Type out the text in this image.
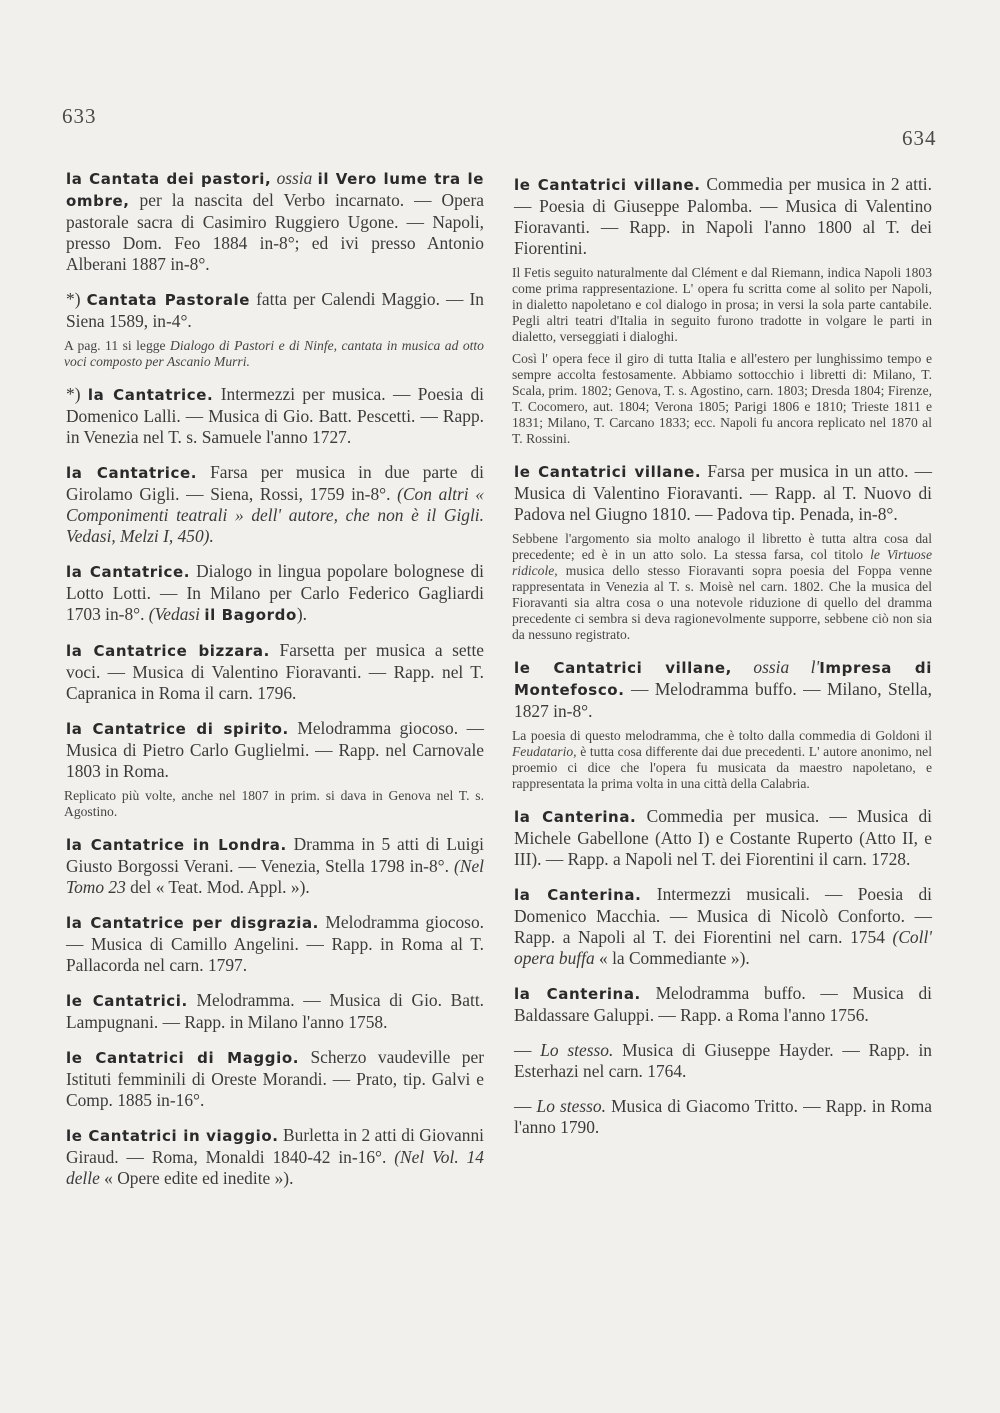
633
634
la Cantata dei pastori, ossia il Vero lume tra le ombre, per la nascita del Verbo incarnato. — Opera pastorale sacra di Casimiro Ruggiero Ugone. — Napoli, presso Dom. Feo 1884 in-8°; ed ivi presso Antonio Alberani 1887 in-8°.
*) Cantata Pastorale fatta per Calendi Maggio. — In Siena 1589, in-4°.
A pag. 11 si legge Dialogo di Pastori e di Ninfe, cantata in musica ad otto voci composto per Ascanio Murri.
*) la Cantatrice. Intermezzi per musica. — Poesia di Domenico Lalli. — Musica di Gio. Batt. Pescetti. — Rapp. in Venezia nel T. s. Samuele l'anno 1727.
la Cantatrice. Farsa per musica in due parte di Girolamo Gigli. — Siena, Rossi, 1759 in-8°. (Con altri « Componimenti teatrali » dell' autore, che non è il Gigli. Vedasi, Melzi I, 450).
la Cantatrice. Dialogo in lingua popolare bolognese di Lotto Lotti. — In Milano per Carlo Federico Gagliardi 1703 in-8°. (Vedasi il Bagordo).
la Cantatrice bizzara. Farsetta per musica a sette voci. — Musica di Valentino Fioravanti. — Rapp. nel T. Capranica in Roma il carn. 1796.
la Cantatrice di spirito. Melodramma giocoso. — Musica di Pietro Carlo Guglielmi. — Rapp. nel Carnovale 1803 in Roma.
Replicato più volte, anche nel 1807 in prim. si dava in Genova nel T. s. Agostino.
la Cantatrice in Londra. Dramma in 5 atti di Luigi Giusto Borgossi Verani. — Venezia, Stella 1798 in-8°. (Nel Tomo 23 del « Teat. Mod. Appl. »).
la Cantatrice per disgrazia. Melodramma giocoso. — Musica di Camillo Angelini. — Rapp. in Roma al T. Pallacorda nel carn. 1797.
le Cantatrici. Melodramma. — Musica di Gio. Batt. Lampugnani. — Rapp. in Milano l'anno 1758.
le Cantatrici di Maggio. Scherzo vaudeville per Istituti femminili di Oreste Morandi. — Prato, tip. Galvi e Comp. 1885 in-16°.
le Cantatrici in viaggio. Burletta in 2 atti di Giovanni Giraud. — Roma, Monaldi 1840-42 in-16°. (Nel Vol. 14 delle « Opere edite ed inedite »).
le Cantatrici villane. Commedia per musica in 2 atti. — Poesia di Giuseppe Palomba. — Musica di Valentino Fioravanti. — Rapp. in Napoli l'anno 1800 al T. dei Fiorentini.
Il Fetis seguito naturalmente dal Clément e dal Riemann, indica Napoli 1803 come prima rappresentazione. L' opera fu scritta come al solito per Napoli, in dialetto napoletano e col dialogo in prosa; in versi la sola parte cantabile. Pegli altri teatri d'Italia in seguito furono tradotte in volgare le parti in dialetto, verseggiati i dialoghi.
Così l' opera fece il giro di tutta Italia e all'estero per lunghissimo tempo e sempre accolta festosamente. Abbiamo sottocchio i libretti di: Milano, T. Scala, prim. 1802; Genova, T. s. Agostino, carn. 1803; Dresda 1804; Firenze, T. Cocomero, aut. 1804; Verona 1805; Parigi 1806 e 1810; Trieste 1811 e 1831; Milano, T. Carcano 1833; ecc. Napoli fu ancora replicato nel 1870 al T. Rossini.
le Cantatrici villane. Farsa per musica in un atto. — Musica di Valentino Fioravanti. — Rapp. al T. Nuovo di Padova nel Giugno 1810. — Padova tip. Penada, in-8°.
Sebbene l'argomento sia molto analogo il libretto è tutta altra cosa dal precedente; ed è in un atto solo. La stessa farsa, col titolo le Virtuose ridicole, musica dello stesso Fioravanti sopra poesia del Foppa venne rappresentata in Venezia al T. s. Moisè nel carn. 1802. Che la musica del Fioravanti sia altra cosa o una notevole riduzione di quello del dramma precedente ci sembra si deva ragionevolmente supporre, sebbene ciò non sia da nessuno registrato.
le Cantatrici villane, ossia l'Impresa di Montefosco. — Melodramma buffo. — Milano, Stella, 1827 in-8°.
La poesia di questo melodramma, che è tolto dalla commedia di Goldoni il Feudatario, è tutta cosa differente dai due precedenti. L' autore anonimo, nel proemio ci dice che l'opera fu musicata da maestro napoletano, e rappresentata la prima volta in una città della Calabria.
la Canterina. Commedia per musica. — Musica di Michele Gabellone (Atto I) e Costante Ruperto (Atto II, e III). — Rapp. a Napoli nel T. dei Fiorentini il carn. 1728.
la Canterina. Intermezzi musicali. — Poesia di Domenico Macchia. — Musica di Nicolò Conforto. — Rapp. a Napoli al T. dei Fiorentini nel carn. 1754 (Coll' opera buffa « la Commediante »).
la Canterina. Melodramma buffo. — Musica di Baldassare Galuppi. — Rapp. a Roma l'anno 1756.
— Lo stesso. Musica di Giuseppe Hayder. — Rapp. in Esterhazi nel carn. 1764.
— Lo stesso. Musica di Giacomo Tritto. — Rapp. in Roma l'anno 1790.
